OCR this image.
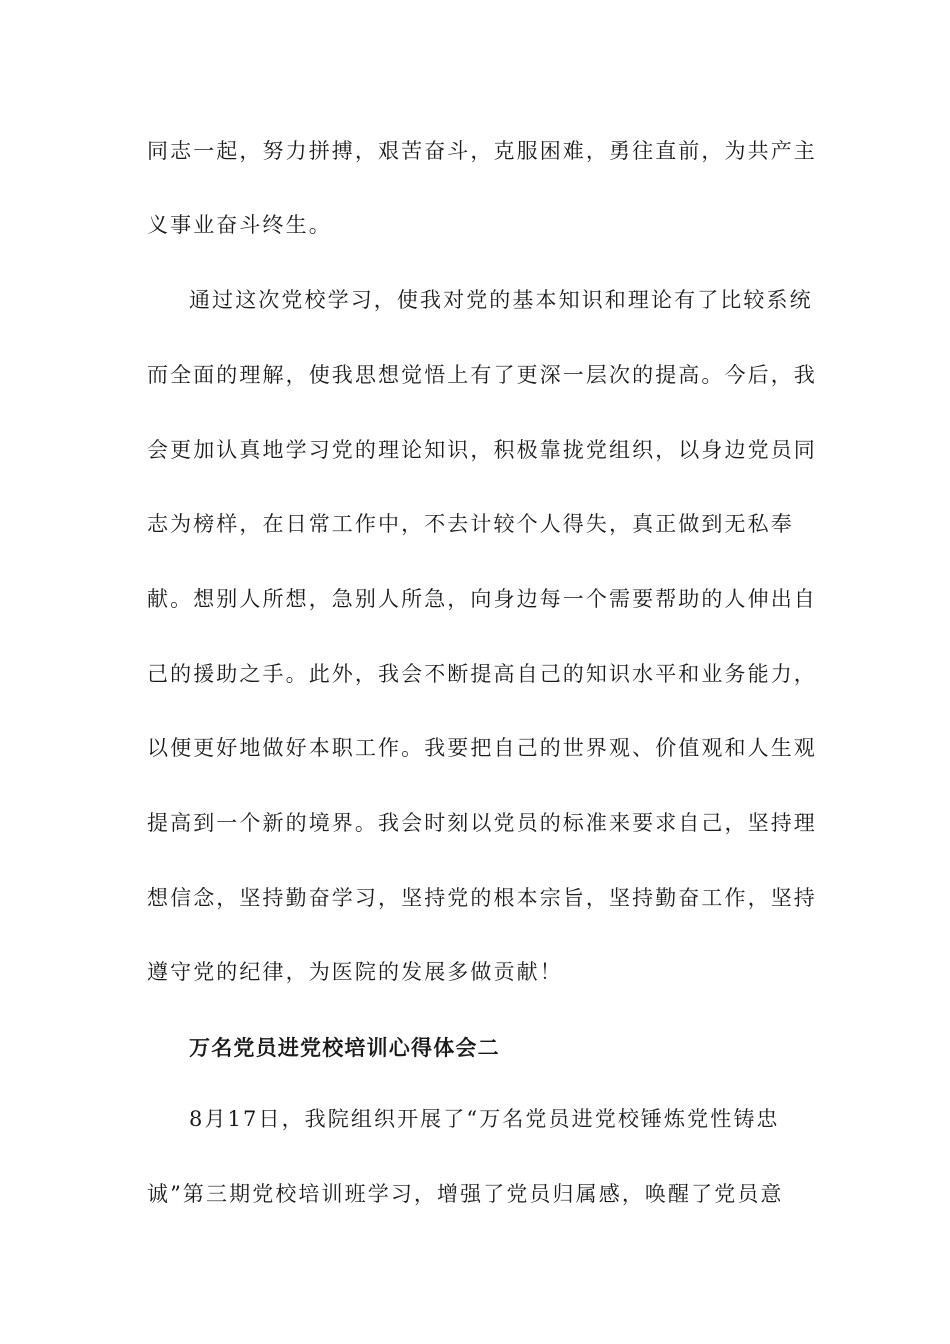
同志一起，努力拼搏，艰苦奋斗，克服困难，勇往直前，为共产主
义事业奋斗终生。
通过这次党校学习，使我对党的基本知识和理论有了比较系统
而全面的理解，使我思想觉悟上有了更深一层次的提高。今后，我
会更加认真地学习党的理论知识，积极靠拢党组织，以身边党员同
志为榜样，在日常工作中，不去计较个人得失，真正做到无私奉
献。想别人所想，急别人所急，向身边每一个需要帮助的人伸出自
己的援助之手。此外，我会不断提高自己的知识水平和业务能力，
以便更好地做好本职工作。我要把自己的世界观、价值观和人生观
提高到一个新的境界。我会时刻以党员的标准来要求自己，坚持理
想信念，坚持勤奋学习，坚持党的根本宗旨，坚持勤奋工作，坚持
遵守党的纪律，为医院的发展多做贡献！
万名党员进党校培训心得体会二
8月17日，我院组织开展了“万名党员进党校锤炼党性铸忠
诚”第三期党校培训班学习，增强了党员归属感，唤醒了党员意
